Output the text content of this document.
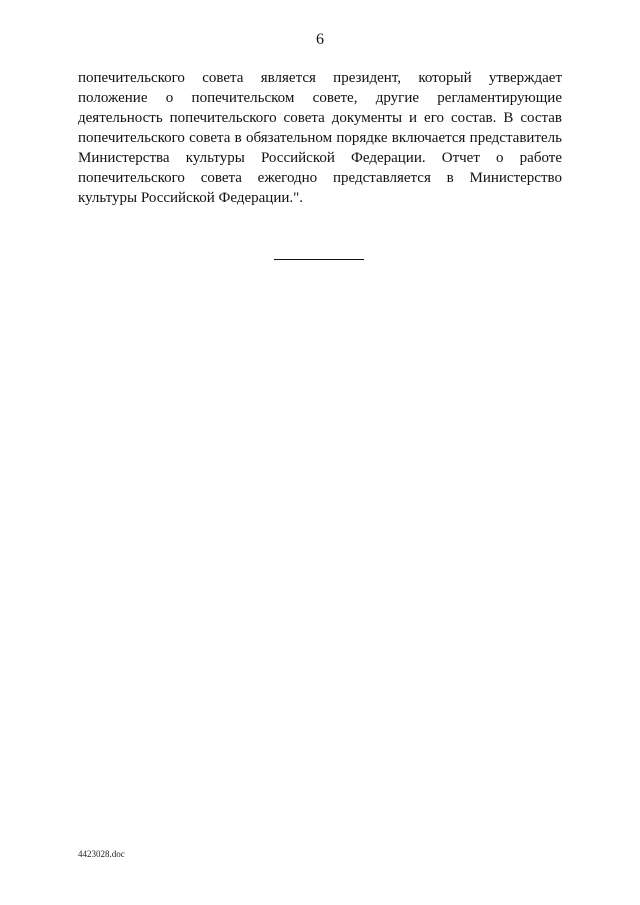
6
попечительского совета является президент, который утверждает
положение о попечительском совете, другие регламентирующие
деятельность попечительского совета документы и его состав. В состав
попечительского совета в обязательном порядке включается представитель
Министерства культуры Российской Федерации. Отчет о работе
попечительского совета ежегодно представляется в Министерство
культуры Российской Федерации.".
4423028.doc
